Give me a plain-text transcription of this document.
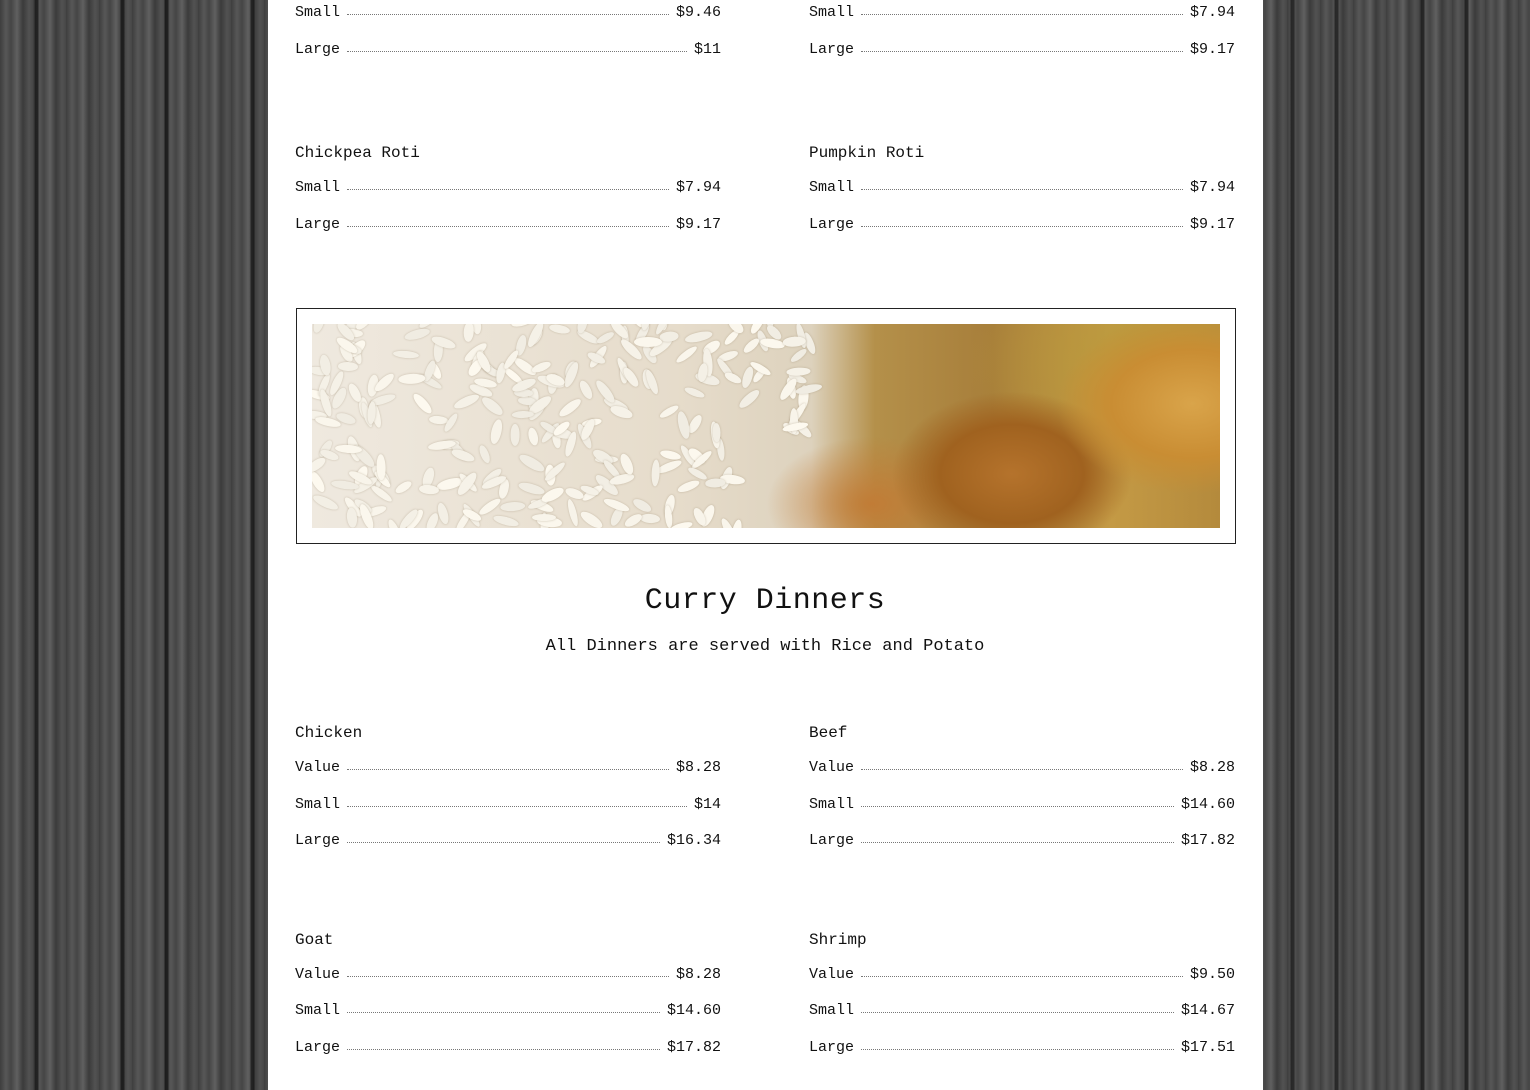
Small	$9.46
Large	$11
Small	$7.94
Large	$9.17
Chickpea Roti
Small	$7.94
Large	$9.17
Pumpkin Roti
Small	$7.94
Large	$9.17
Curry Dinners
All Dinners are served with Rice and Potato
Chicken
Value	$8.28
Small	$14
Large	$16.34
Beef
Value	$8.28
Small	$14.60
Large	$17.82
Goat
Value	$8.28
Small	$14.60
Large	$17.82
Shrimp
Value	$9.50
Small	$14.67
Large	$17.51
